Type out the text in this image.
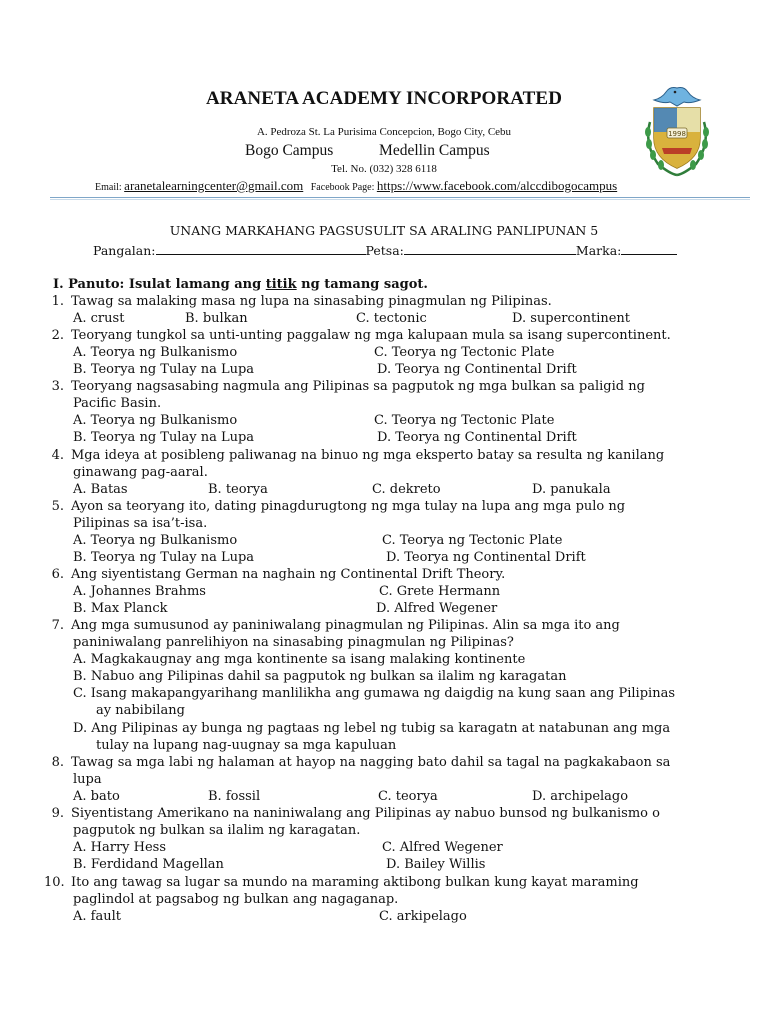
ARANETA ACADEMY INCORPORATED
A. Pedroza St. La Purisima Concepcion, Bogo City, Cebu
Bogo Campus	Medellin Campus
Tel. No. (032) 328 6118
Email: aranetalearningcenter@gmail.com Facebook Page: https://www.facebook.com/alccdibogocampus
1998
UNANG MARKAHANG PAGSUSULIT SA ARALING PANLIPUNAN 5
Pangalan:	Petsa:	Marka:
I. Panuto: Isulat lamang ang titik ng tamang sagot.
1. Tawag sa malaking masa ng lupa na sinasabing pinagmulan ng Pilipinas.
A. crust	B. bulkan	C. tectonic	D. supercontinent
2. Teoryang tungkol sa unti-unting paggalaw ng mga kalupaan mula sa isang supercontinent.
A. Teorya ng Bulkanismo	C. Teorya ng Tectonic Plate
B. Teorya ng Tulay na Lupa	D. Teorya ng Continental Drift
3. Teoryang nagsasabing nagmula ang Pilipinas sa pagputok ng mga bulkan sa paligid ng
Pacific Basin.
A. Teorya ng Bulkanismo	C. Teorya ng Tectonic Plate
B. Teorya ng Tulay na Lupa	D. Teorya ng Continental Drift
4. Mga ideya at posibleng paliwanag na binuo ng mga eksperto batay sa resulta ng kanilang
ginawang pag-aaral.
A. Batas	B. teorya	C. dekreto	D. panukala
5. Ayon sa teoryang ito, dating pinagdurugtong ng mga tulay na lupa ang mga pulo ng
Pilipinas sa isa’t-isa.
A. Teorya ng Bulkanismo	C. Teorya ng Tectonic Plate
B. Teorya ng Tulay na Lupa	D. Teorya ng Continental Drift
6. Ang siyentistang German na naghain ng Continental Drift Theory.
A. Johannes Brahms	C. Grete Hermann
B. Max Planck	D. Alfred Wegener
7. Ang mga sumusunod ay paniniwalang pinagmulan ng Pilipinas. Alin sa mga ito ang
paniniwalang panrelihiyon na sinasabing pinagmulan ng Pilipinas?
A. Magkakaugnay ang mga kontinente sa isang malaking kontinente
B. Nabuo ang Pilipinas dahil sa pagputok ng bulkan sa ilalim ng karagatan
C. Isang makapangyarihang manlilikha ang gumawa ng daigdig na kung saan ang Pilipinas
ay nabibilang
D. Ang Pilipinas ay bunga ng pagtaas ng lebel ng tubig sa karagatn at natabunan ang mga
tulay na lupang nag-uugnay sa mga kapuluan
8. Tawag sa mga labi ng halaman at hayop na nagging bato dahil sa tagal na pagkakabaon sa
lupa
A. bato	B. fossil	C. teorya	D. archipelago
9. Siyentistang Amerikano na naniniwalang ang Pilipinas ay nabuo bunsod ng bulkanismo o
pagputok ng bulkan sa ilalim ng karagatan.
A. Harry Hess	C. Alfred Wegener
B. Ferdidand Magellan	D. Bailey Willis
10. Ito ang tawag sa lugar sa mundo na maraming aktibong bulkan kung kayat maraming
paglindol at pagsabog ng bulkan ang nagaganap.
A. fault	C. arkipelago
